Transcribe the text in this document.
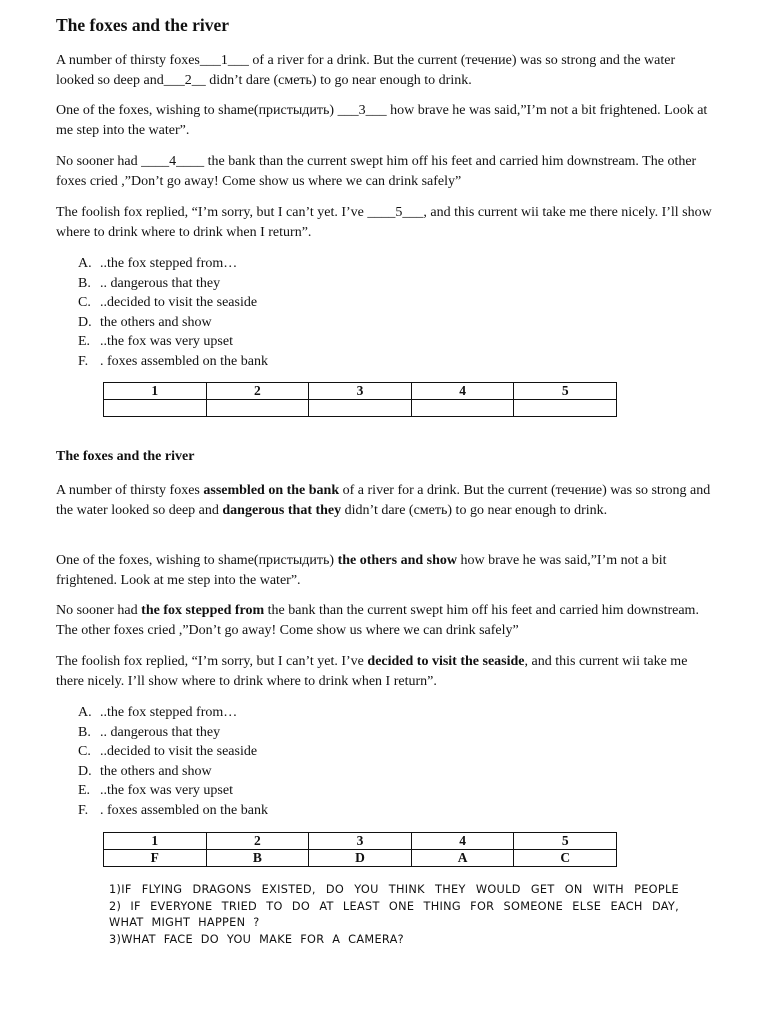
The foxes and the river

A number of thirsty foxes___1___ of a river for a drink. But the current (течение) was so strong and the water looked so deep and___2__ didn’t dare (сметь) to go near enough to drink.

One of the foxes, wishing to shame(пристыдить) ___3___ how brave he was said,”I’m not a bit frightened. Look at me step into the water”.

No sooner had ____4____ the bank than the current swept him off his feet and carried him downstream. The other foxes cried ,”Don’t go away! Come show us where we can drink safely”

The foolish fox replied, “I’m sorry, but I can’t yet. I’ve ____5___, and this current wii take me there nicely. I’ll show where to drink where to drink when I return”.

A. ..the fox stepped from…
B. .. dangerous that they
C. ..decided to visit the seaside
D. the others and show
E. ..the fox was very upset
F. . foxes assembled on the bank
1	2	3	4	5

The foxes and the river

A number of thirsty foxes assembled on the bank of a river for a drink. But the current (течение) was so strong and the water looked so deep and dangerous that they didn’t dare (сметь) to go near enough to drink.

One of the foxes, wishing to shame(пристыдить) the others and show how brave he was said,”I’m not a bit frightened. Look at me step into the water”.

No sooner had the fox stepped from the bank than the current swept him off his feet and carried him downstream. The other foxes cried ,”Don’t go away! Come show us where we can drink safely”

The foolish fox replied, “I’m sorry, but I can’t yet. I’ve decided to visit the seaside, and this current wii take me there nicely. I’ll show where to drink where to drink when I return”.

A. ..the fox stepped from…
B. .. dangerous that they
C. ..decided to visit the seaside
D. the others and show
E. ..the fox was very upset
F. . foxes assembled on the bank
1	2	3	4	5
F	B	D	A	C
1)IF FLYING DRAGONS EXISTED, DO YOU THINK THEY WOULD GET ON WITH PEOPLE
2) IF EVERYONE TRIED TO DO AT LEAST ONE THING FOR SOMEONE ELSE EACH DAY,
WHAT MIGHT HAPPEN ?
3)WHAT FACE DO YOU MAKE FOR A CAMERA?
